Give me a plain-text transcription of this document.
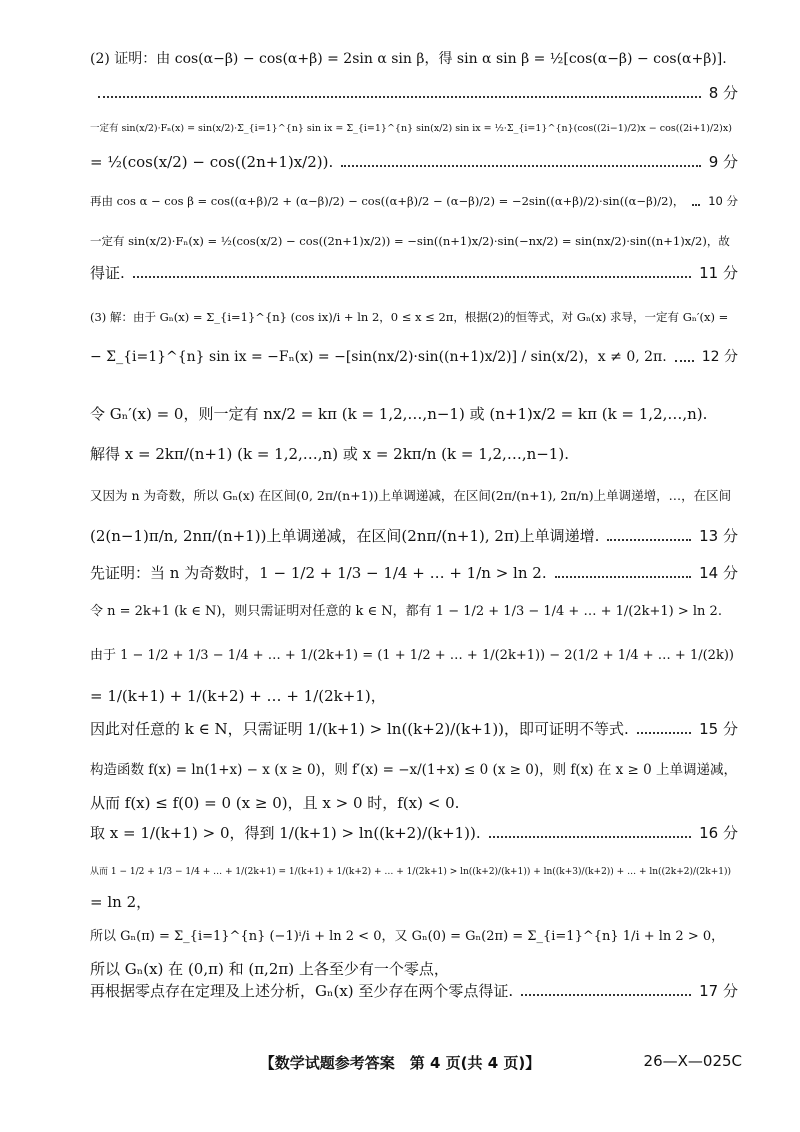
(2) 证明：由 cos(α−β) − cos(α+β) = 2sin α sin β，得 sin α sin β = ½[cos(α−β) − cos(α+β)].
8 分
一定有 sin(x/2)·Fₙ(x) = sin(x/2)·Σ_{i=1}^{n} sin ix = Σ_{i=1}^{n} sin(x/2) sin ix = ½·Σ_{i=1}^{n}(cos((2i−1)/2)x − cos((2i+1)/2)x)
= ½(cos(x/2) − cos((2n+1)x/2)).	9 分
再由 cos α − cos β = cos((α+β)/2 + (α−β)/2) − cos((α+β)/2 − (α−β)/2) = −2sin((α+β)/2)·sin((α−β)/2)， 10 分
一定有 sin(x/2)·Fₙ(x) = ½(cos(x/2) − cos((2n+1)x/2)) = −sin((n+1)x/2)·sin(−nx/2) = sin(nx/2)·sin((n+1)x/2)，故
得证.	11 分
(3) 解：由于 Gₙ(x) = Σ_{i=1}^{n} (cos ix)/i + ln 2，0 ≤ x ≤ 2π，根据(2)的恒等式，对 Gₙ(x) 求导，一定有 Gₙ′(x) =
− Σ_{i=1}^{n} sin ix = −Fₙ(x) = −[sin(nx/2)·sin((n+1)x/2)] / sin(x/2)，x ≠ 0, 2π.	12 分
令 Gₙ′(x) = 0，则一定有 nx/2 = kπ (k = 1,2,…,n−1) 或 (n+1)x/2 = kπ (k = 1,2,…,n).
解得 x = 2kπ/(n+1) (k = 1,2,…,n) 或 x = 2kπ/n (k = 1,2,…,n−1).
又因为 n 为奇数，所以 Gₙ(x) 在区间(0, 2π/(n+1))上单调递减，在区间(2π/(n+1), 2π/n)上单调递增，…，在区间
(2(n−1)π/n, 2nπ/(n+1))上单调递减，在区间(2nπ/(n+1), 2π)上单调递增.	13 分
先证明：当 n 为奇数时，1 − 1/2 + 1/3 − 1/4 + … + 1/n > ln 2.	14 分
令 n = 2k+1 (k ∈ N)，则只需证明对任意的 k ∈ N，都有 1 − 1/2 + 1/3 − 1/4 + … + 1/(2k+1) > ln 2.
由于 1 − 1/2 + 1/3 − 1/4 + … + 1/(2k+1) = (1 + 1/2 + … + 1/(2k+1)) − 2(1/2 + 1/4 + … + 1/(2k))
= 1/(k+1) + 1/(k+2) + … + 1/(2k+1)，
因此对任意的 k ∈ N，只需证明 1/(k+1) > ln((k+2)/(k+1))，即可证明不等式.	15 分
构造函数 f(x) = ln(1+x) − x (x ≥ 0)，则 f′(x) = −x/(1+x) ≤ 0 (x ≥ 0)，则 f(x) 在 x ≥ 0 上单调递减，
从而 f(x) ≤ f(0) = 0 (x ≥ 0)，且 x > 0 时，f(x) < 0.
取 x = 1/(k+1) > 0，得到 1/(k+1) > ln((k+2)/(k+1)).	16 分
从而 1 − 1/2 + 1/3 − 1/4 + … + 1/(2k+1) = 1/(k+1) + 1/(k+2) + … + 1/(2k+1) > ln((k+2)/(k+1)) + ln((k+3)/(k+2)) + … + ln((2k+2)/(2k+1))
= ln 2，
所以 Gₙ(π) = Σ_{i=1}^{n} (−1)ⁱ/i + ln 2 < 0，又 Gₙ(0) = Gₙ(2π) = Σ_{i=1}^{n} 1/i + ln 2 > 0，
所以 Gₙ(x) 在 (0,π) 和 (π,2π) 上各至少有一个零点，
再根据零点存在定理及上述分析，Gₙ(x) 至少存在两个零点得证.	17 分
【数学试题参考答案　第 4 页(共 4 页)】	26—X—025C
